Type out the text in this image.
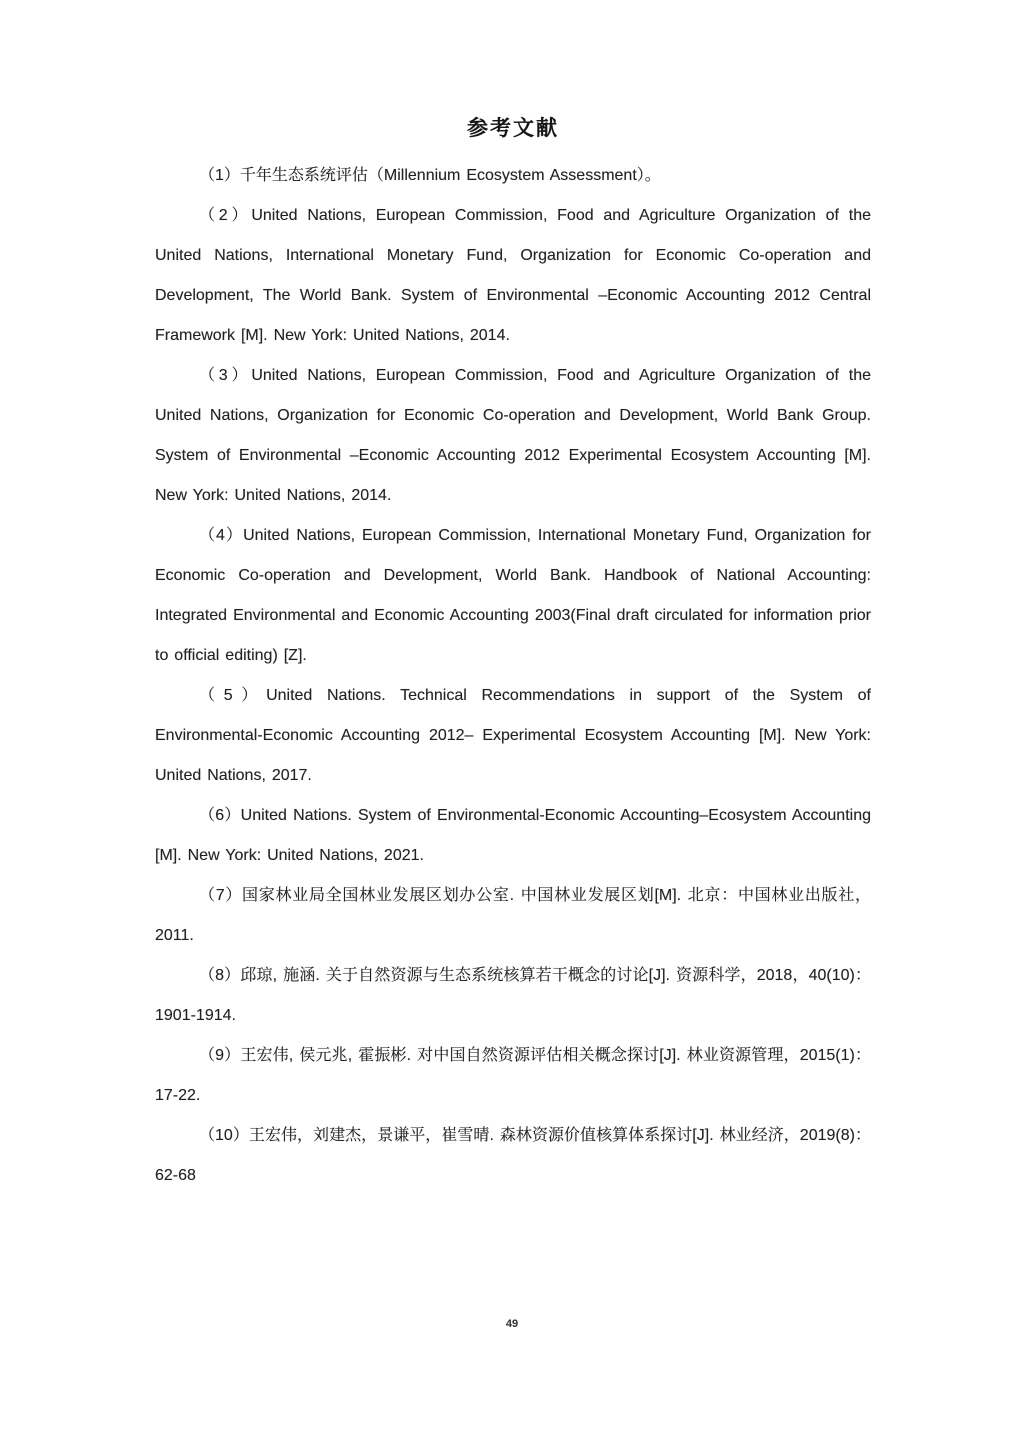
参考文献

（1）千年生态系统评估（Millennium Ecosystem Assessment）。

（2）United Nations, European Commission, Food and Agriculture Organization of the United Nations, International Monetary Fund, Organization for Economic Co-operation and Development, The World Bank. System of Environmental –Economic Accounting 2012 Central Framework [M]. New York: United Nations, 2014.

（3）United Nations, European Commission, Food and Agriculture Organization of the United Nations, Organization for Economic Co-operation and Development, World Bank Group. System of Environmental –Economic Accounting 2012 Experimental Ecosystem Accounting [M]. New York: United Nations, 2014.

（4）United Nations, European Commission, International Monetary Fund, Organization for Economic Co-operation and Development, World Bank. Handbook of National Accounting: Integrated Environmental and Economic Accounting 2003(Final draft circulated for information prior to official editing) [Z].

（5）United Nations. Technical Recommendations in support of the System of Environmental-Economic Accounting 2012– Experimental Ecosystem Accounting [M]. New York: United Nations, 2017.

（6）United Nations. System of Environmental-Economic Accounting–Ecosystem Accounting [M]. New York: United Nations, 2021.

（7）国家林业局全国林业发展区划办公室. 中国林业发展区划[M]. 北京：中国林业出版社， 2011.

（8）邱琼, 施涵. 关于自然资源与生态系统核算若干概念的讨论[J]. 资源科学，2018，40(10)：1901-1914.

（9）王宏伟, 侯元兆, 霍振彬. 对中国自然资源评估相关概念探讨[J]. 林业资源管理，2015(1)：17-22.

（10）王宏伟，刘建杰，景谦平，崔雪晴. 森林资源价值核算体系探讨[J]. 林业经济，2019(8)：62-68

49
